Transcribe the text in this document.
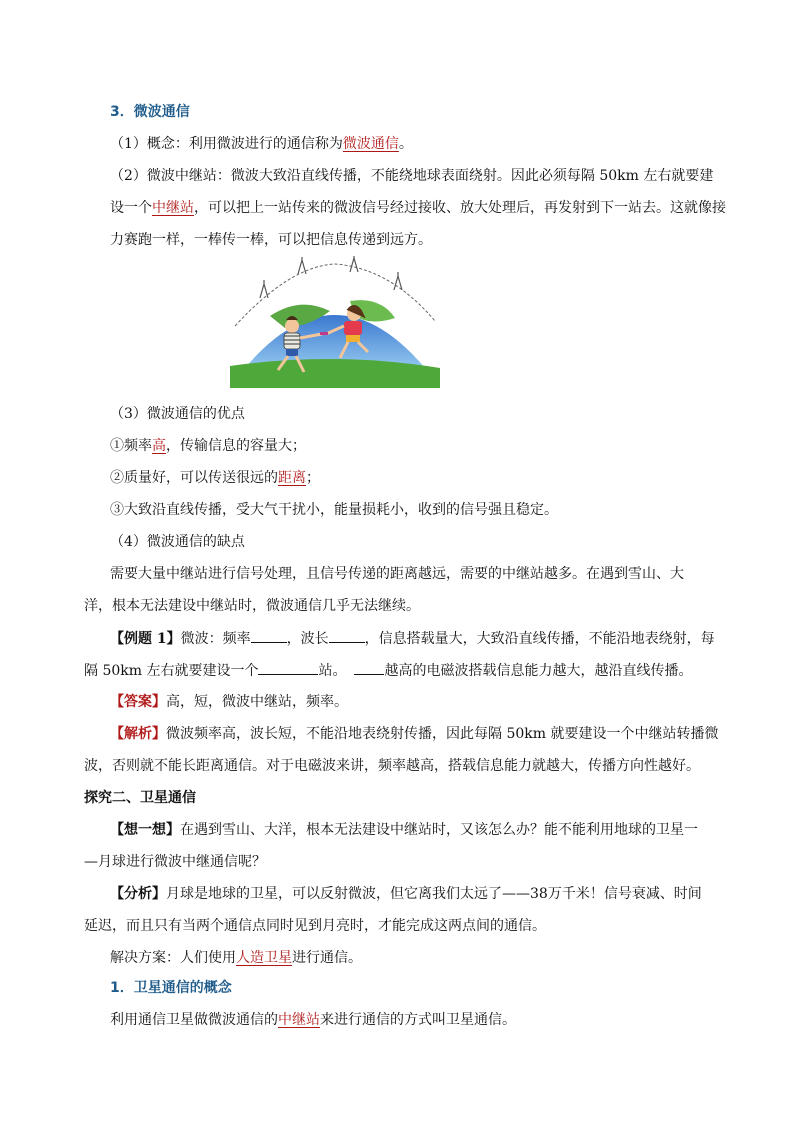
3．微波通信
（1）概念：利用微波进行的通信称为微波通信。
（2）微波中继站：微波大致沿直线传播，不能绕地球表面绕射。因此必须每隔 50km 左右就要建
设一个中继站，可以把上一站传来的微波信号经过接收、放大处理后，再发射到下一站去。这就像接
力赛跑一样，一棒传一棒，可以把信息传递到远方。
（3）微波通信的优点
①频率高，传输信息的容量大；
②质量好，可以传送很远的距离；
③大致沿直线传播，受大气干扰小，能量损耗小，收到的信号强且稳定。
（4）微波通信的缺点
需要大量中继站进行信号处理，且信号传递的距离越远，需要的中继站越多。在遇到雪山、大
洋，根本无法建设中继站时，微波通信几乎无法继续。
【例题 1】微波：频率	，波长	，信息搭载量大，大致沿直线传播，不能沿地表绕射，每
隔 50km 左右就要建设一个	站。	越高的电磁波搭载信息能力越大，越沿直线传播。
【答案】高，短，微波中继站，频率。
【解析】微波频率高，波长短，不能沿地表绕射传播，因此每隔 50km 就要建设一个中继站转播微
波，否则就不能长距离通信。对于电磁波来讲，频率越高，搭载信息能力就越大，传播方向性越好。
探究二、卫星通信
【想一想】在遇到雪山、大洋，根本无法建设中继站时，又该怎么办？能不能利用地球的卫星一
—月球进行微波中继通信呢？
【分析】月球是地球的卫星，可以反射微波，但它离我们太远了——38万千米！信号衰减、时间
延迟，而且只有当两个通信点同时见到月亮时，才能完成这两点间的通信。
解决方案：人们使用人造卫星进行通信。
1．卫星通信的概念
利用通信卫星做微波通信的中继站来进行通信的方式叫卫星通信。
